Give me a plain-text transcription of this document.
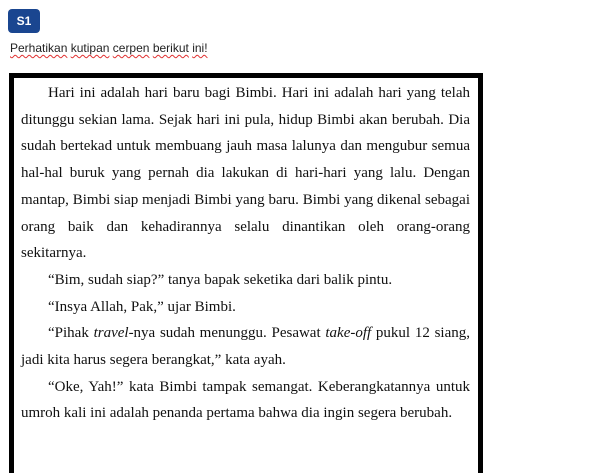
S1
Perhatikan kutipan cerpen berikut ini!

Hari ini adalah hari baru bagi Bimbi. Hari ini adalah hari yang telah ditunggu sekian lama. Sejak hari ini pula, hidup Bimbi akan berubah. Dia sudah bertekad untuk membuang jauh masa lalunya dan mengubur semua hal-hal buruk yang pernah dia lakukan di hari-hari yang lalu. Dengan mantap, Bimbi siap menjadi Bimbi yang baru. Bimbi yang dikenal sebagai orang baik dan kehadirannya selalu dinantikan oleh orang-orang sekitarnya.

“Bim, sudah siap?” tanya bapak seketika dari balik pintu.

“Insya Allah, Pak,” ujar Bimbi.

“Pihak travel-nya sudah menunggu. Pesawat take-off pukul 12 siang, jadi kita harus segera berangkat,” kata ayah.

“Oke, Yah!” kata Bimbi tampak semangat. Keberangkatannya untuk umroh kali ini adalah penanda pertama bahwa dia ingin segera berubah.
